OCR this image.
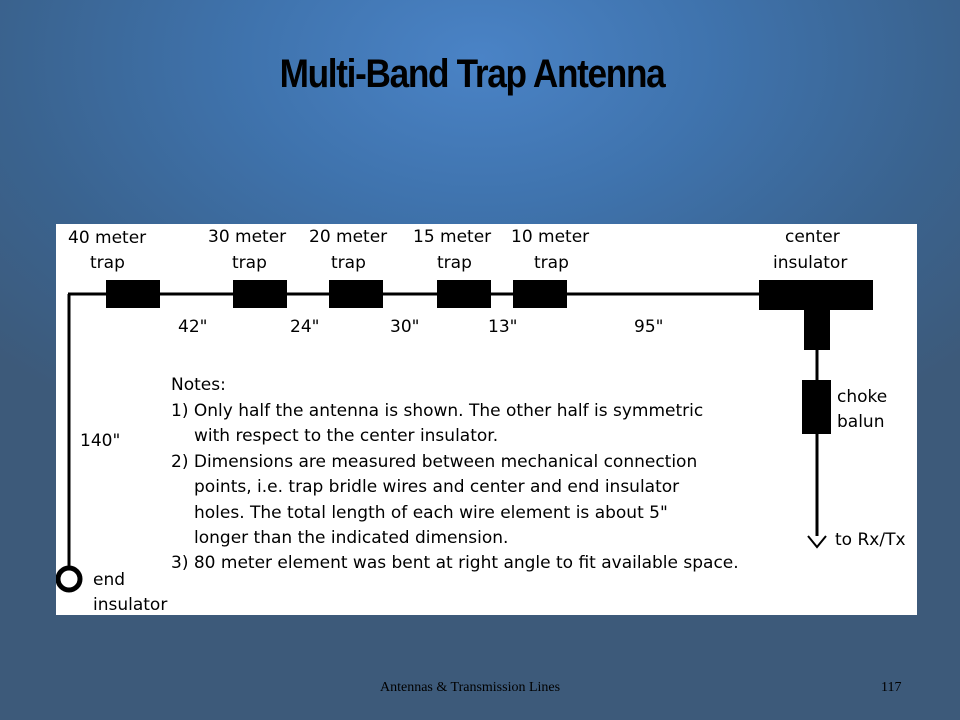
Multi-Band Trap Antenna
40 meter
trap
30 meter
trap
20 meter
trap
15 meter
trap
10 meter
trap
center
insulator
42"	24"	30"	13"	95"
140"
choke
balun
to Rx/Tx
end
insulator
Notes:
1) Only half the antenna is shown. The other half is symmetric
with respect to the center insulator.
2) Dimensions are measured between mechanical connection
points, i.e. trap bridle wires and center and end insulator
holes. The total length of each wire element is about 5"
longer than the indicated dimension.
3) 80 meter element was bent at right angle to fit available space.
Antennas & Transmission Lines	117
